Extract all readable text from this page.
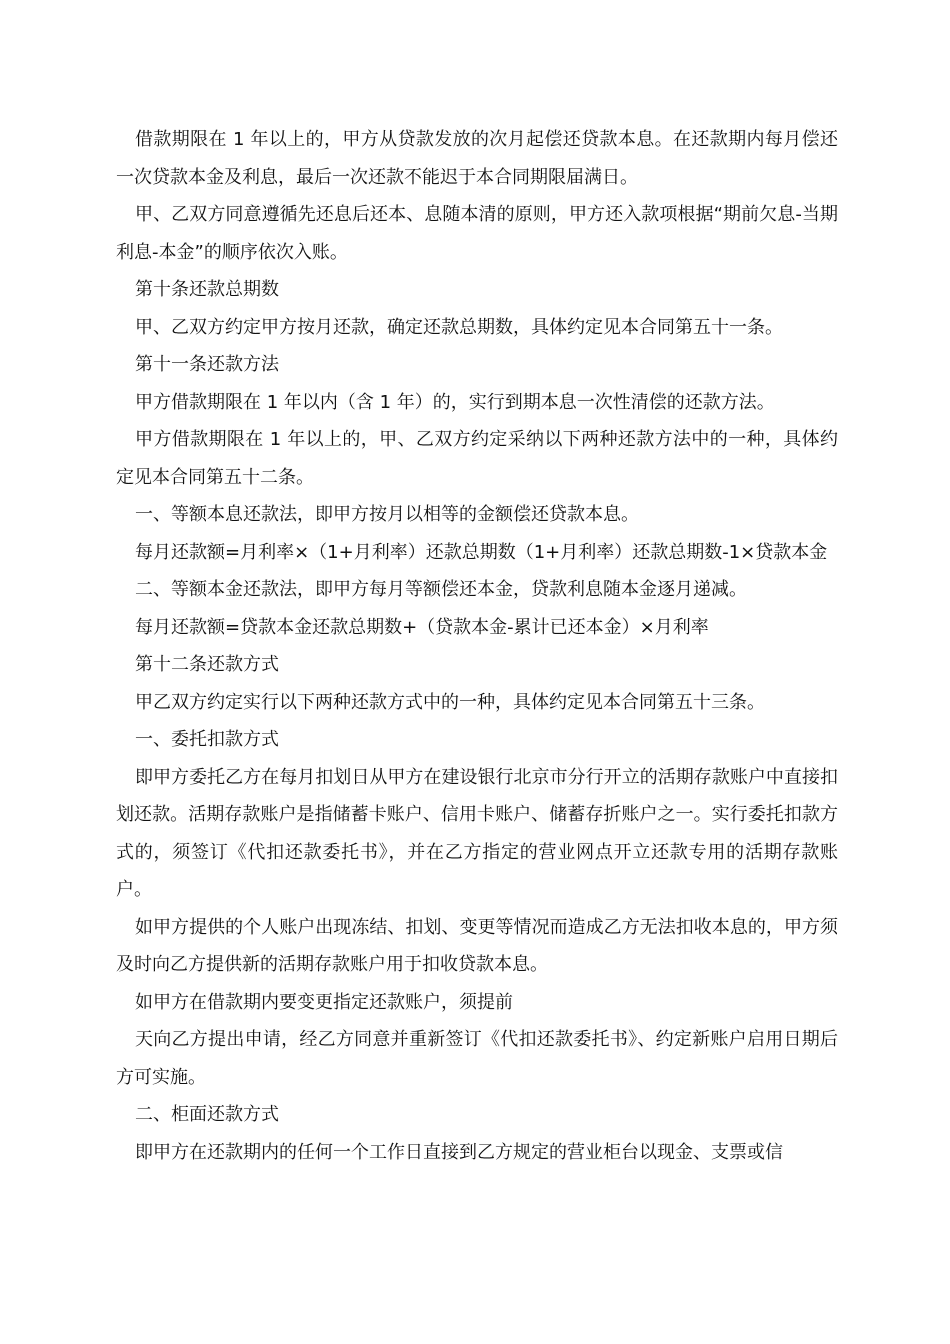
借款期限在 1 年以上的，甲方从贷款发放的次月起偿还贷款本息。在还款期内每月偿还一次贷款本金及利息，最后一次还款不能迟于本合同期限届满日。

甲、乙双方同意遵循先还息后还本、息随本清的原则，甲方还入款项根据“期前欠息-当期利息-本金”的顺序依次入账。

第十条还款总期数

甲、乙双方约定甲方按月还款，确定还款总期数，具体约定见本合同第五十一条。

第十一条还款方法

甲方借款期限在 1 年以内（含 1 年）的，实行到期本息一次性清偿的还款方法。

甲方借款期限在 1 年以上的，甲、乙双方约定采纳以下两种还款方法中的一种，具体约定见本合同第五十二条。

一、等额本息还款法，即甲方按月以相等的金额偿还贷款本息。

每月还款额=月利率×（1+月利率）还款总期数（1+月利率）还款总期数-1×贷款本金

二、等额本金还款法，即甲方每月等额偿还本金，贷款利息随本金逐月递减。

每月还款额=贷款本金还款总期数+（贷款本金-累计已还本金）×月利率

第十二条还款方式

甲乙双方约定实行以下两种还款方式中的一种，具体约定见本合同第五十三条。

一、委托扣款方式

即甲方委托乙方在每月扣划日从甲方在建设银行北京市分行开立的活期存款账户中直接扣划还款。活期存款账户是指储蓄卡账户、信用卡账户、储蓄存折账户之一。实行委托扣款方式的，须签订《代扣还款委托书》，并在乙方指定的营业网点开立还款专用的活期存款账户。

如甲方提供的个人账户出现冻结、扣划、变更等情况而造成乙方无法扣收本息的，甲方须及时向乙方提供新的活期存款账户用于扣收贷款本息。

如甲方在借款期内要变更指定还款账户，须提前

天向乙方提出申请，经乙方同意并重新签订《代扣还款委托书》、约定新账户启用日期后方可实施。

二、柜面还款方式

即甲方在还款期内的任何一个工作日直接到乙方规定的营业柜台以现金、支票或信
